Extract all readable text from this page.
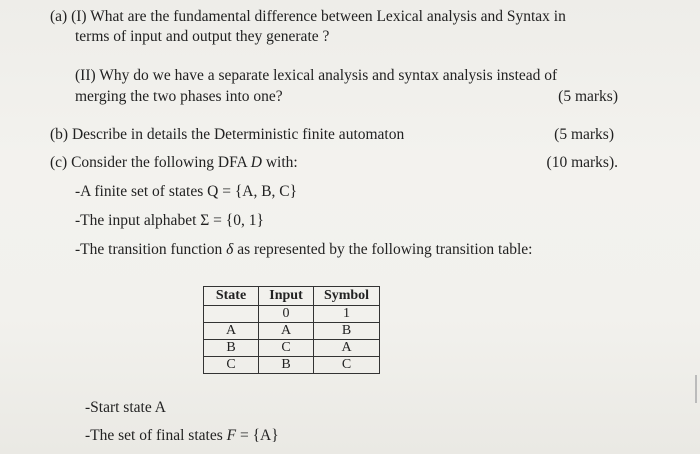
(a) (I) What are the fundamental difference between Lexical analysis and Syntax in
terms of input and output they generate ?
(II) Why do we have a separate lexical analysis and syntax analysis instead of
merging the two phases into one?	(5 marks)
(b) Describe in details the Deterministic finite automaton	(5 marks)
(c) Consider the following DFA D with:	(10 marks).
-A finite set of states Q = {A, B, C}
-The input alphabet Σ = {0, 1}
-The transition function δ as represented by the following transition table:
State	Input	Symbol
	0	1
A	A	B
B	C	A
C	B	C
-Start state A
-The set of final states F = {A}
